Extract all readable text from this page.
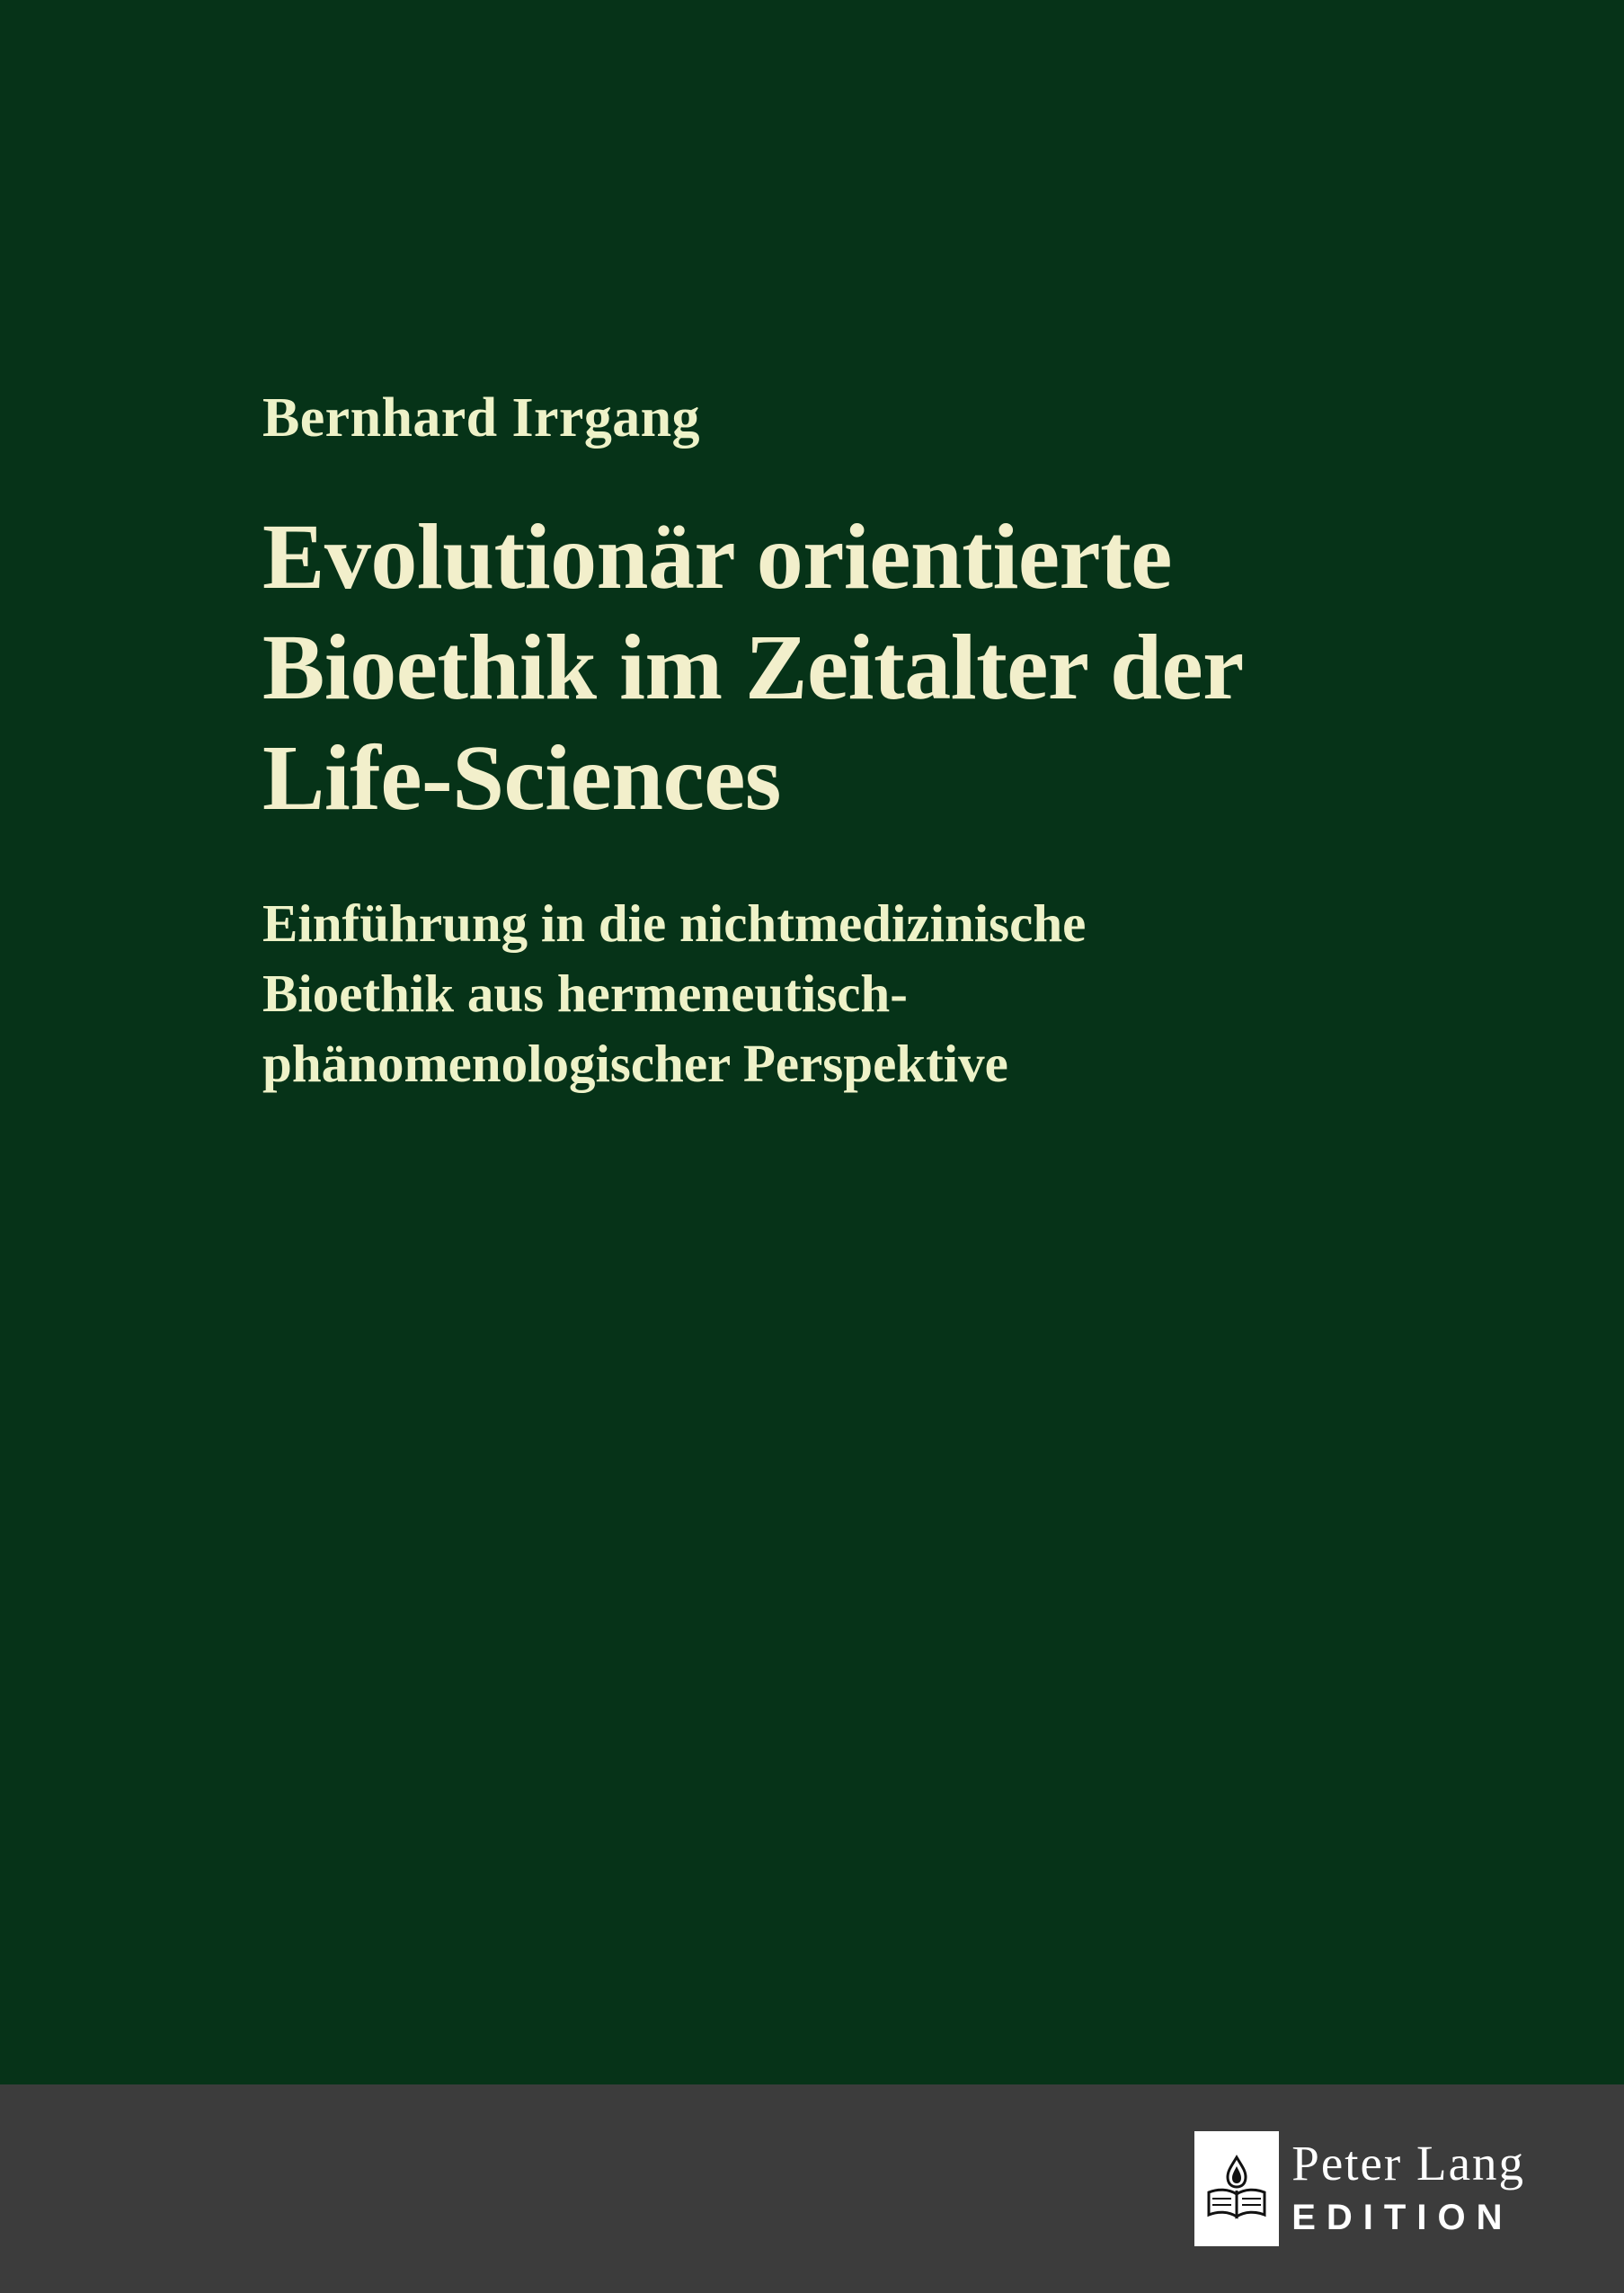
Bernhard Irrgang

Evolutionär orientierte Bioethik im Zeitalter der Life-Sciences

Einführung in die nichtmedizinische Bioethik aus hermeneutisch-phänomenologischer Perspektive

Peter Lang
EDITION
